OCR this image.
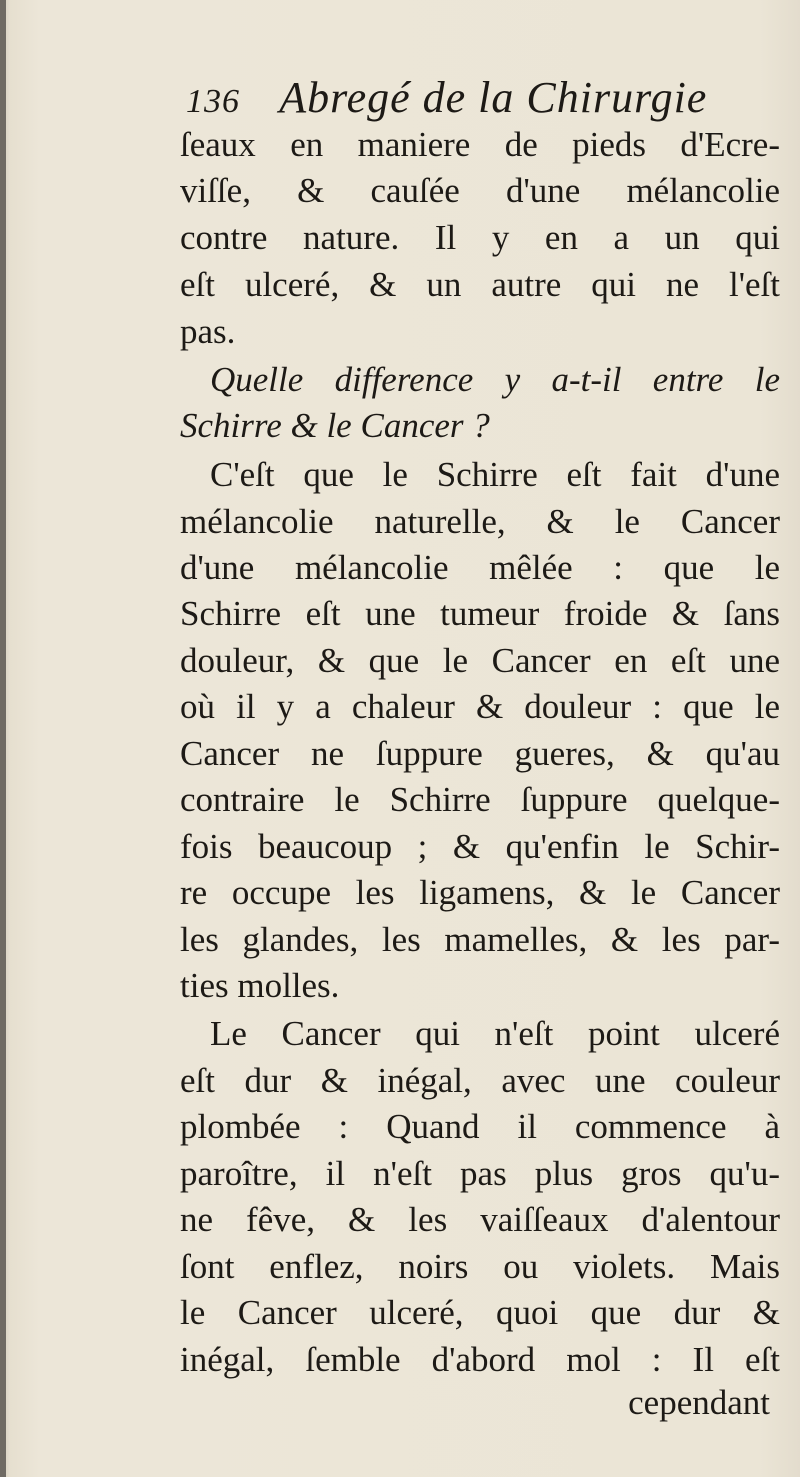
136 Abregé de la Chirurgie
ſeaux en maniere de pieds d'Ecre-
viſſe, & cauſée d'une mélancolie
contre nature. Il y en a un qui
eſt ulceré, & un autre qui ne l'eſt
pas.
Quelle difference y a-t-il entre le
Schirre & le Cancer ?
C'eſt que le Schirre eſt fait d'une
mélancolie naturelle, & le Cancer
d'une mélancolie mêlée : que le
Schirre eſt une tumeur froide & ſans
douleur, & que le Cancer en eſt une
où il y a chaleur & douleur : que le
Cancer ne ſuppure gueres, & qu'au
contraire le Schirre ſuppure quelque-
fois beaucoup ; & qu'enfin le Schir-
re occupe les ligamens, & le Cancer
les glandes, les mamelles, & les par-
ties molles.
Le Cancer qui n'eſt point ulceré
eſt dur & inégal, avec une couleur
plombée : Quand il commence à
paroître, il n'eſt pas plus gros qu'u-
ne fêve, & les vaiſſeaux d'alentour
ſont enflez, noirs ou violets. Mais
le Cancer ulceré, quoi que dur &
inégal, ſemble d'abord mol : Il eſt
cependant
